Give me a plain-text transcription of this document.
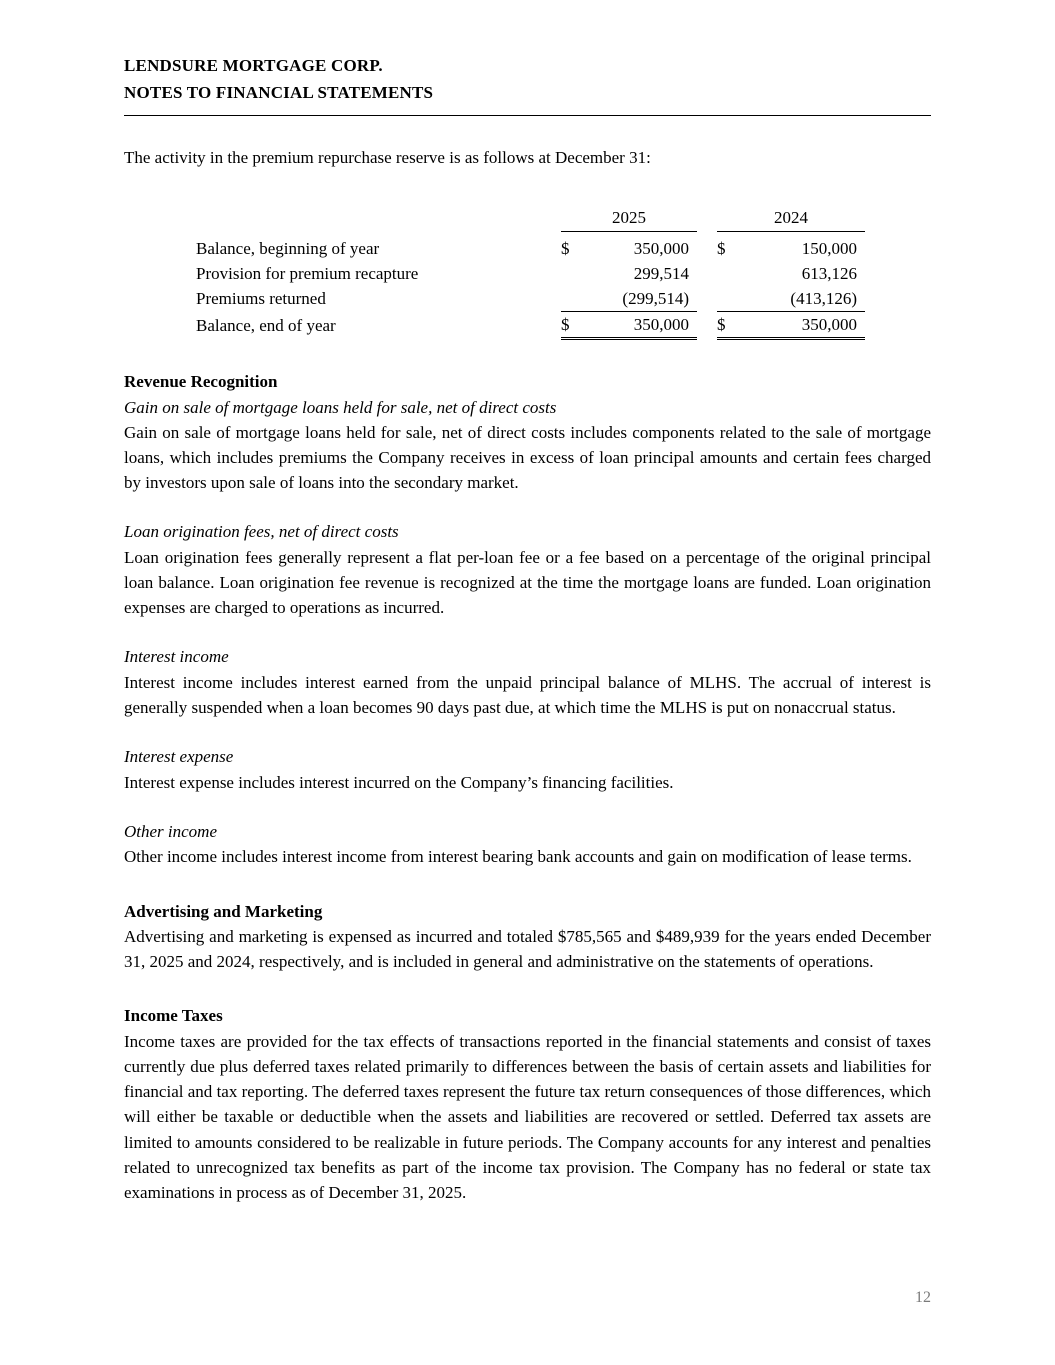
LENDSURE MORTGAGE CORP.
NOTES TO FINANCIAL STATEMENTS

The activity in the premium repurchase reserve is as follows at December 31:

	2025			2024	
Balance, beginning of year	$	350,000		$	150,000
Provision for premium recapture		299,514			613,126
Premiums returned		(299,514)			(413,126)
Balance, end of year	$	350,000		$	350,000
Revenue Recognition

Gain on sale of mortgage loans held for sale, net of direct costs

Gain on sale of mortgage loans held for sale, net of direct costs includes components related to the sale of mortgage loans, which includes premiums the Company receives in excess of loan principal amounts and certain fees charged by investors upon sale of loans into the secondary market.

Loan origination fees, net of direct costs

Loan origination fees generally represent a flat per-loan fee or a fee based on a percentage of the original principal loan balance. Loan origination fee revenue is recognized at the time the mortgage loans are funded. Loan origination expenses are charged to operations as incurred.

Interest income

Interest income includes interest earned from the unpaid principal balance of MLHS. The accrual of interest is generally suspended when a loan becomes 90 days past due, at which time the MLHS is put on nonaccrual status.

Interest expense

Interest expense includes interest incurred on the Company’s financing facilities.

Other income

Other income includes interest income from interest bearing bank accounts and gain on modification of lease terms.

Advertising and Marketing

Advertising and marketing is expensed as incurred and totaled $785,565 and $489,939 for the years ended December 31, 2025 and 2024, respectively, and is included in general and administrative on the statements of operations.

Income Taxes

Income taxes are provided for the tax effects of transactions reported in the financial statements and consist of taxes currently due plus deferred taxes related primarily to differences between the basis of certain assets and liabilities for financial and tax reporting. The deferred taxes represent the future tax return consequences of those differences, which will either be taxable or deductible when the assets and liabilities are recovered or settled. Deferred tax assets are limited to amounts considered to be realizable in future periods. The Company accounts for any interest and penalties related to unrecognized tax benefits as part of the income tax provision. The Company has no federal or state tax examinations in process as of December 31, 2025.

12
